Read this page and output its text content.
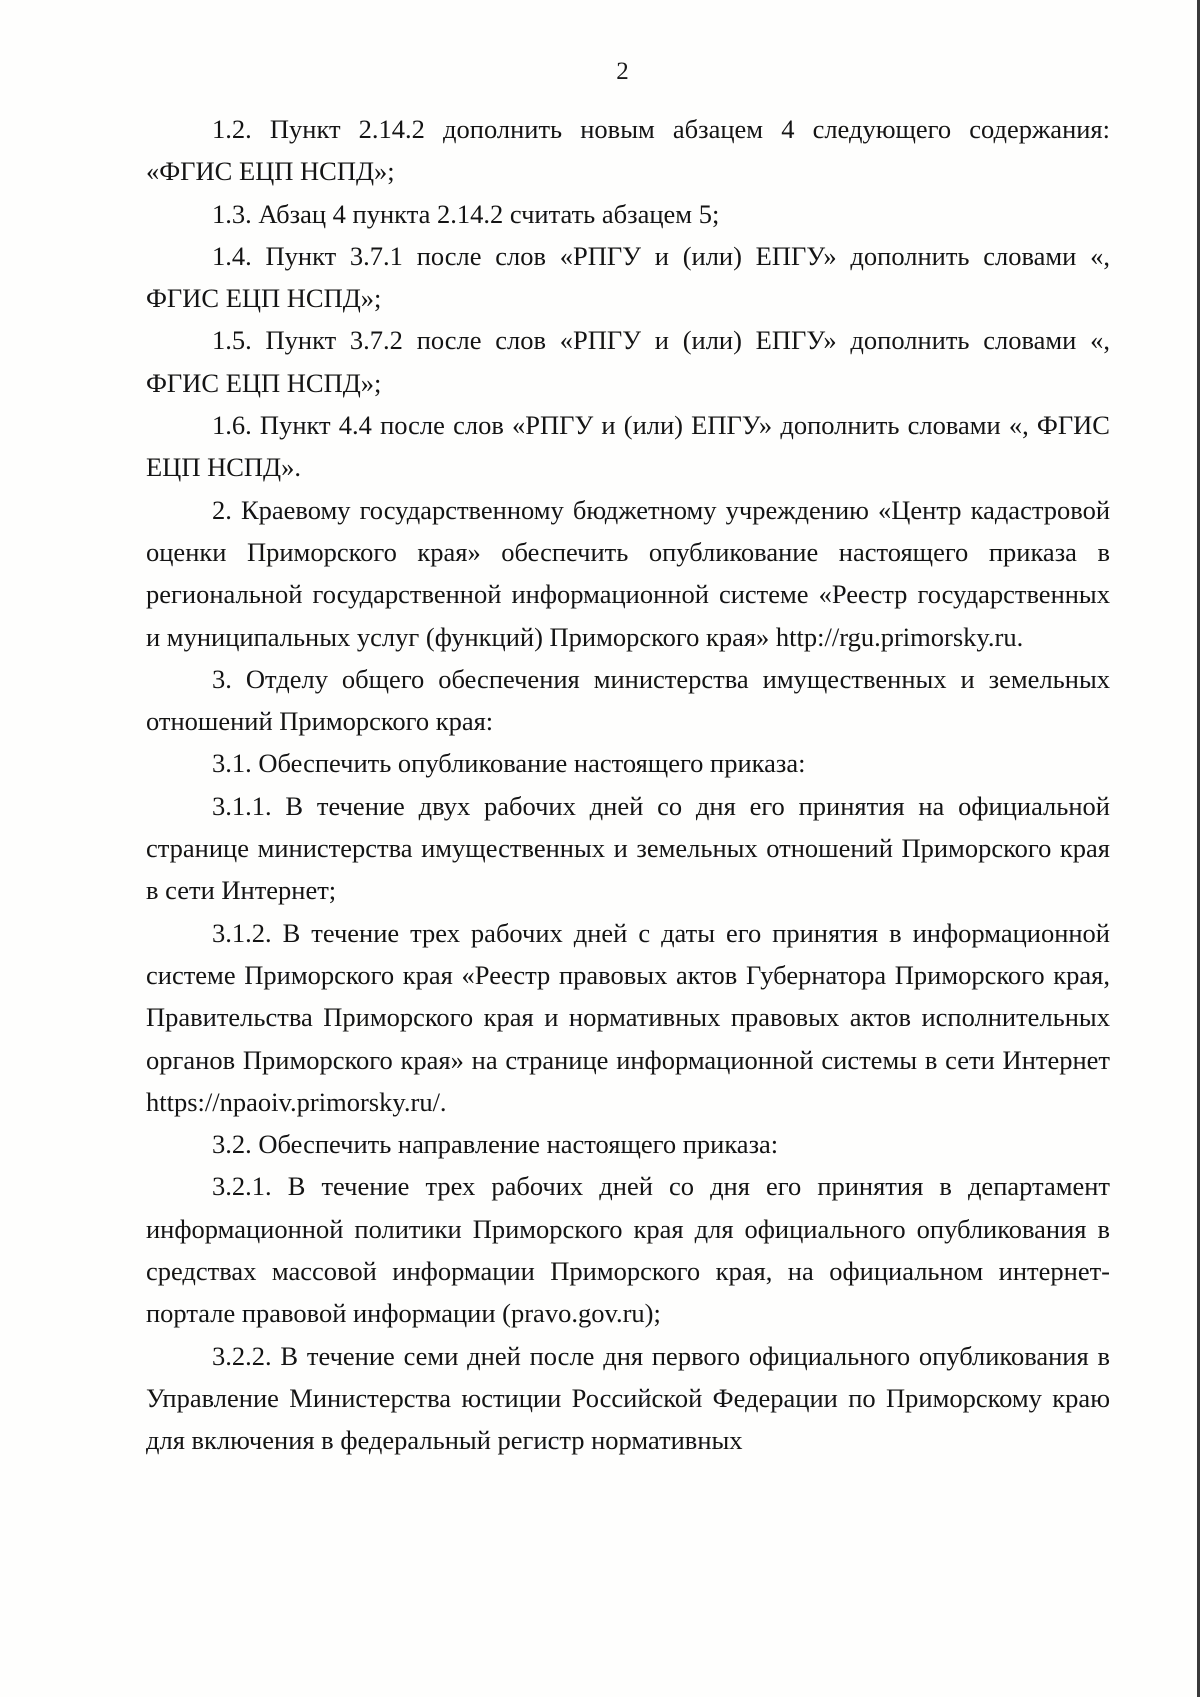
2

1.2. Пункт 2.14.2 дополнить новым абзацем 4 следующего содержания: «ФГИС ЕЦП НСПД»;

1.3. Абзац 4 пункта 2.14.2 считать абзацем 5;

1.4. Пункт 3.7.1 после слов «РПГУ и (или) ЕПГУ» дополнить словами «, ФГИС ЕЦП НСПД»;

1.5. Пункт 3.7.2 после слов «РПГУ и (или) ЕПГУ» дополнить словами «, ФГИС ЕЦП НСПД»;

1.6. Пункт 4.4 после слов «РПГУ и (или) ЕПГУ» дополнить словами «, ФГИС ЕЦП НСПД».

2. Краевому государственному бюджетному учреждению «Центр кадастровой оценки Приморского края» обеспечить опубликование настоящего приказа в региональной государственной информационной системе «Реестр государственных и муниципальных услуг (функций) Приморского края» http://rgu.primorsky.ru.

3. Отделу общего обеспечения министерства имущественных и земельных отношений Приморского края:

3.1. Обеспечить опубликование настоящего приказа:

3.1.1. В течение двух рабочих дней со дня его принятия на официальной странице министерства имущественных и земельных отношений Приморского края в сети Интернет;

3.1.2. В течение трех рабочих дней с даты его принятия в информационной системе Приморского края «Реестр правовых актов Губернатора Приморского края, Правительства Приморского края и нормативных правовых актов исполнительных органов Приморского края» на странице информационной системы в сети Интернет https://npaoiv.primorsky.ru/.

3.2. Обеспечить направление настоящего приказа:

3.2.1. В течение трех рабочих дней со дня его принятия в департамент информационной политики Приморского края для официального опубликования в средствах массовой информации Приморского края, на официальном интернет-портале правовой информации (pravo.gov.ru);

3.2.2. В течение семи дней после дня первого официального опубликования в Управление Министерства юстиции Российской Федерации по Приморскому краю для включения в федеральный регистр нормативных
